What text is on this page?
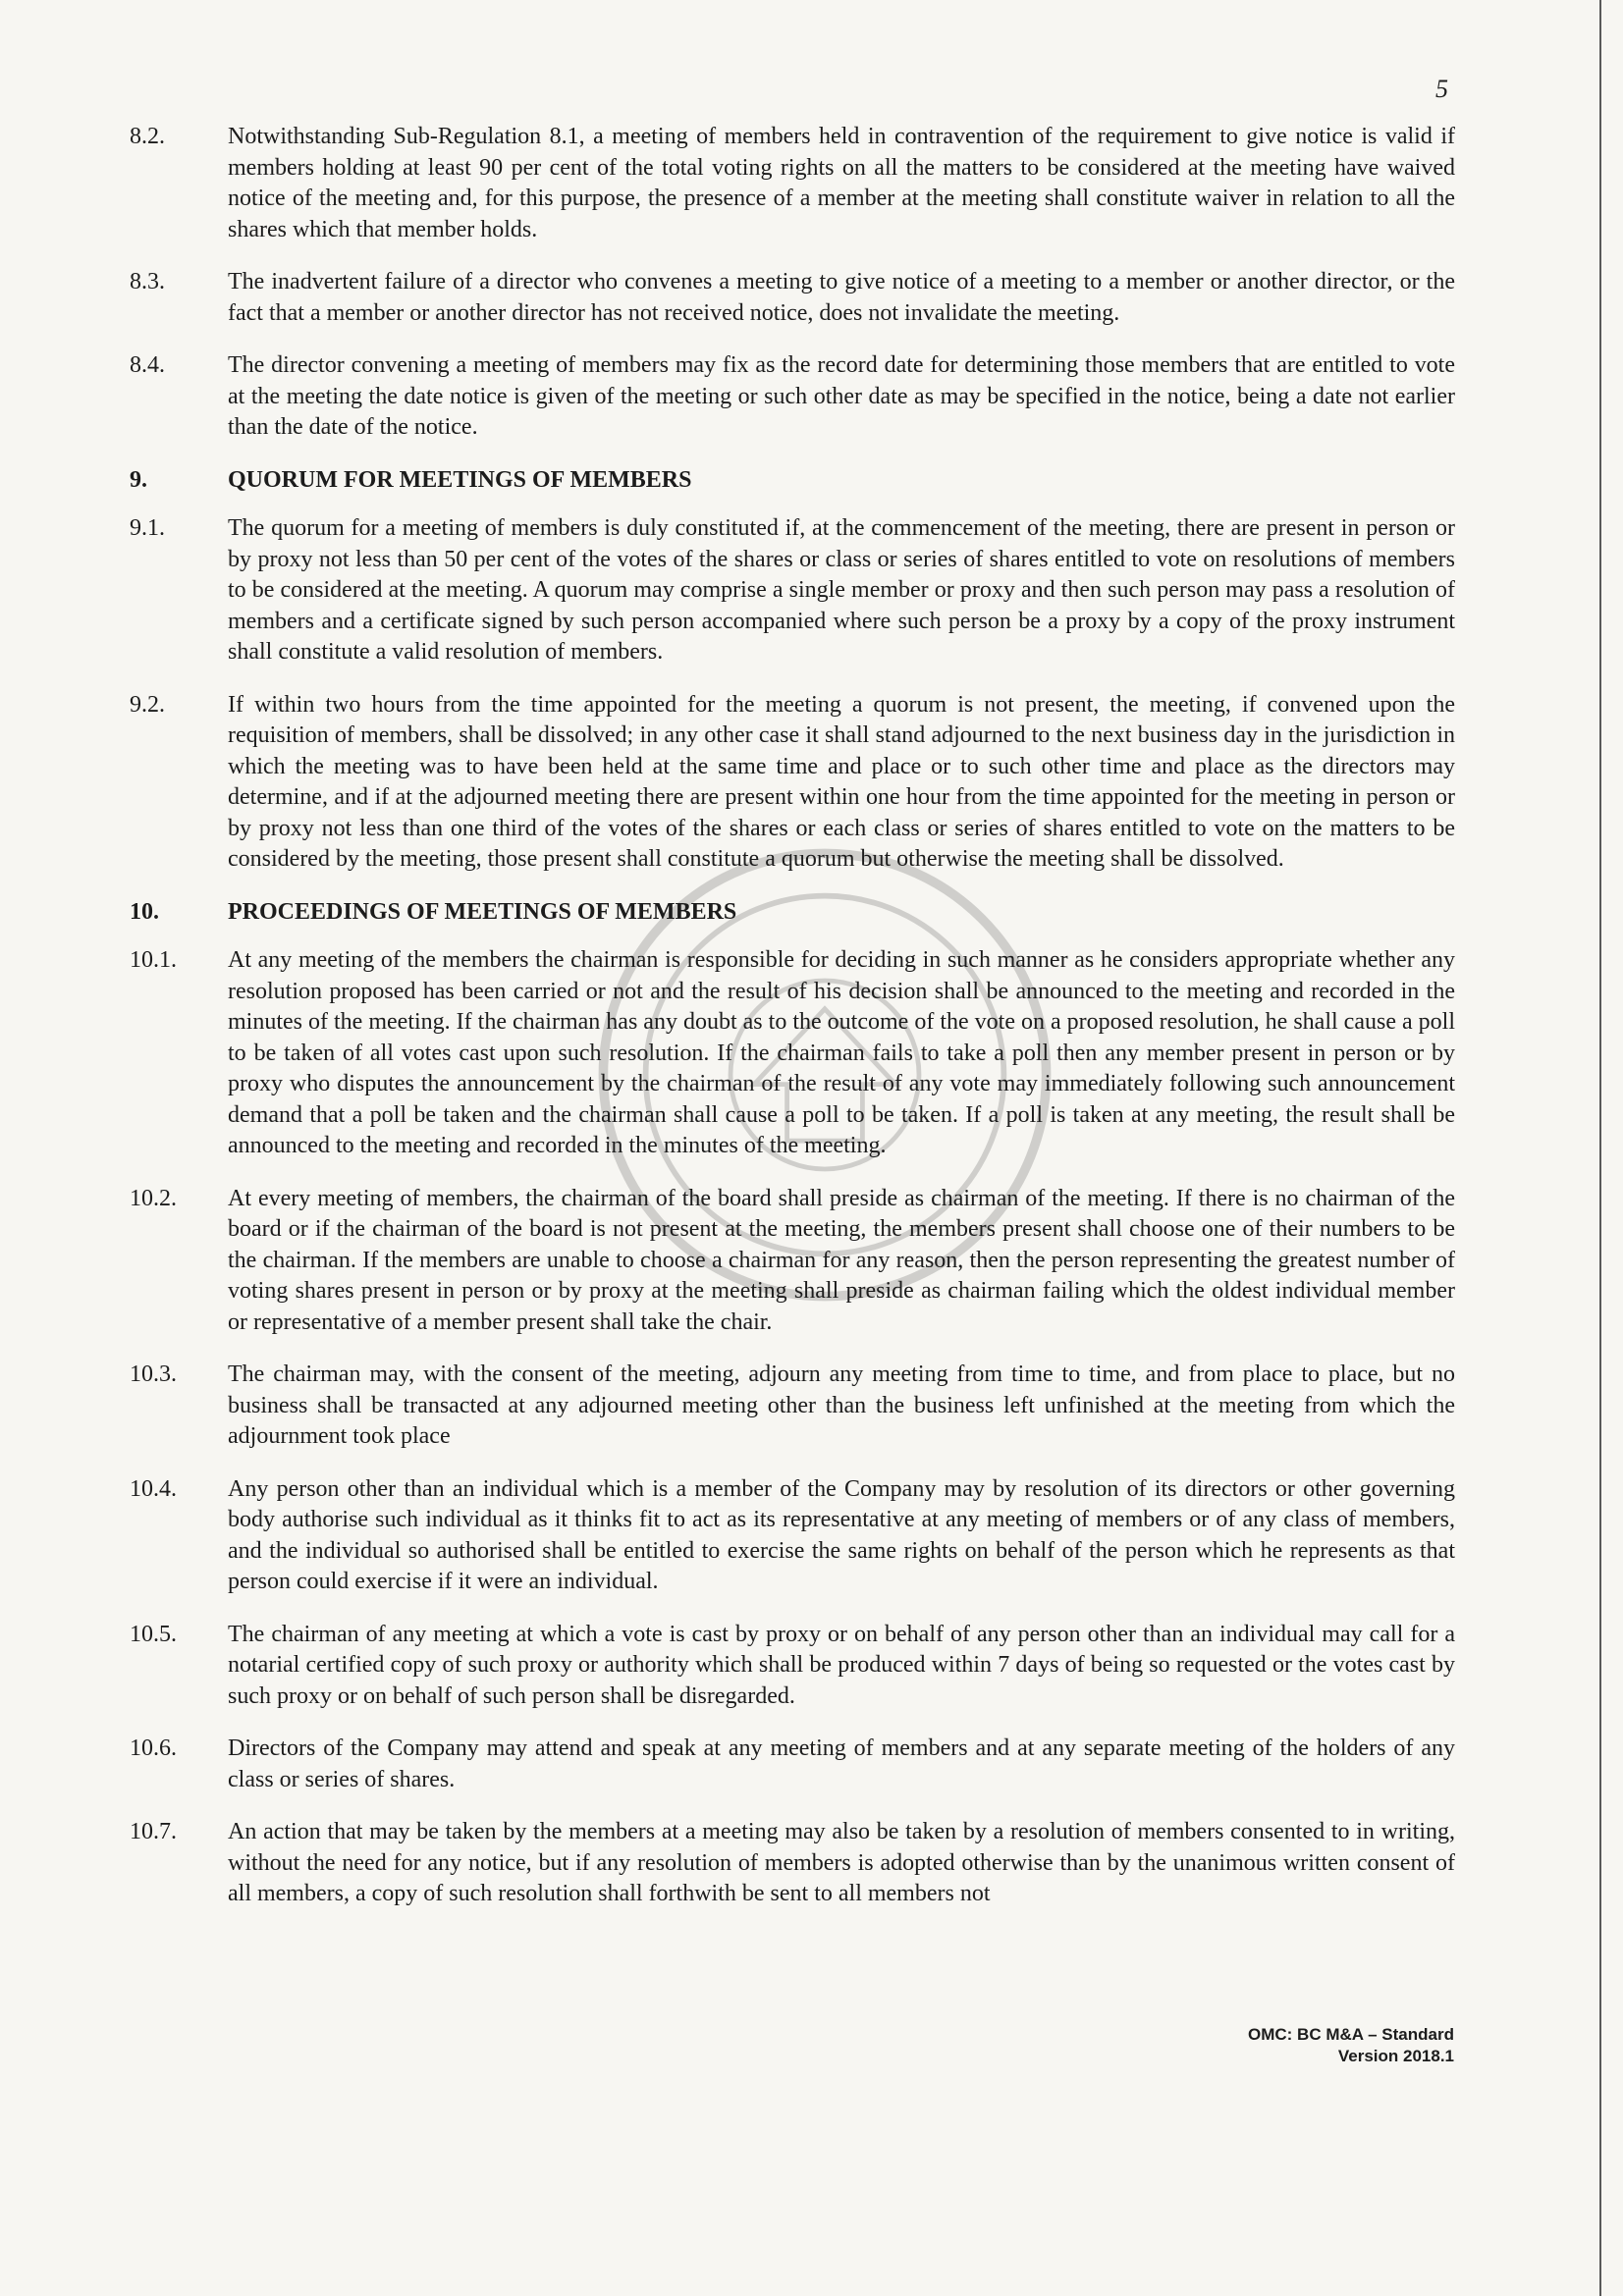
5
8.2.	Notwithstanding Sub-Regulation 8.1, a meeting of members held in contravention of the requirement to give notice is valid if members holding at least 90 per cent of the total voting rights on all the matters to be considered at the meeting have waived notice of the meeting and, for this purpose, the presence of a member at the meeting shall constitute waiver in relation to all the shares which that member holds.
8.3.	The inadvertent failure of a director who convenes a meeting to give notice of a meeting to a member or another director, or the fact that a member or another director has not received notice, does not invalidate the meeting.
8.4.	The director convening a meeting of members may fix as the record date for determining those members that are entitled to vote at the meeting the date notice is given of the meeting or such other date as may be specified in the notice, being a date not earlier than the date of the notice.
9.	QUORUM FOR MEETINGS OF MEMBERS
9.1.	The quorum for a meeting of members is duly constituted if, at the commencement of the meeting, there are present in person or by proxy not less than 50 per cent of the votes of the shares or class or series of shares entitled to vote on resolutions of members to be considered at the meeting. A quorum may comprise a single member or proxy and then such person may pass a resolution of members and a certificate signed by such person accompanied where such person be a proxy by a copy of the proxy instrument shall constitute a valid resolution of members.
9.2.	If within two hours from the time appointed for the meeting a quorum is not present, the meeting, if convened upon the requisition of members, shall be dissolved; in any other case it shall stand adjourned to the next business day in the jurisdiction in which the meeting was to have been held at the same time and place or to such other time and place as the directors may determine, and if at the adjourned meeting there are present within one hour from the time appointed for the meeting in person or by proxy not less than one third of the votes of the shares or each class or series of shares entitled to vote on the matters to be considered by the meeting, those present shall constitute a quorum but otherwise the meeting shall be dissolved.
10.	PROCEEDINGS OF MEETINGS OF MEMBERS
10.1.	At any meeting of the members the chairman is responsible for deciding in such manner as he considers appropriate whether any resolution proposed has been carried or not and the result of his decision shall be announced to the meeting and recorded in the minutes of the meeting. If the chairman has any doubt as to the outcome of the vote on a proposed resolution, he shall cause a poll to be taken of all votes cast upon such resolution. If the chairman fails to take a poll then any member present in person or by proxy who disputes the announcement by the chairman of the result of any vote may immediately following such announcement demand that a poll be taken and the chairman shall cause a poll to be taken. If a poll is taken at any meeting, the result shall be announced to the meeting and recorded in the minutes of the meeting.
10.2.	At every meeting of members, the chairman of the board shall preside as chairman of the meeting. If there is no chairman of the board or if the chairman of the board is not present at the meeting, the members present shall choose one of their numbers to be the chairman. If the members are unable to choose a chairman for any reason, then the person representing the greatest number of voting shares present in person or by proxy at the meeting shall preside as chairman failing which the oldest individual member or representative of a member present shall take the chair.
10.3.	The chairman may, with the consent of the meeting, adjourn any meeting from time to time, and from place to place, but no business shall be transacted at any adjourned meeting other than the business left unfinished at the meeting from which the adjournment took place
10.4.	Any person other than an individual which is a member of the Company may by resolution of its directors or other governing body authorise such individual as it thinks fit to act as its representative at any meeting of members or of any class of members, and the individual so authorised shall be entitled to exercise the same rights on behalf of the person which he represents as that person could exercise if it were an individual.
10.5.	The chairman of any meeting at which a vote is cast by proxy or on behalf of any person other than an individual may call for a notarial certified copy of such proxy or authority which shall be produced within 7 days of being so requested or the votes cast by such proxy or on behalf of such person shall be disregarded.
10.6.	Directors of the Company may attend and speak at any meeting of members and at any separate meeting of the holders of any class or series of shares.
10.7.	An action that may be taken by the members at a meeting may also be taken by a resolution of members consented to in writing, without the need for any notice, but if any resolution of members is adopted otherwise than by the unanimous written consent of all members, a copy of such resolution shall forthwith be sent to all members not
OMC: BC M&A – Standard
Version 2018.1
